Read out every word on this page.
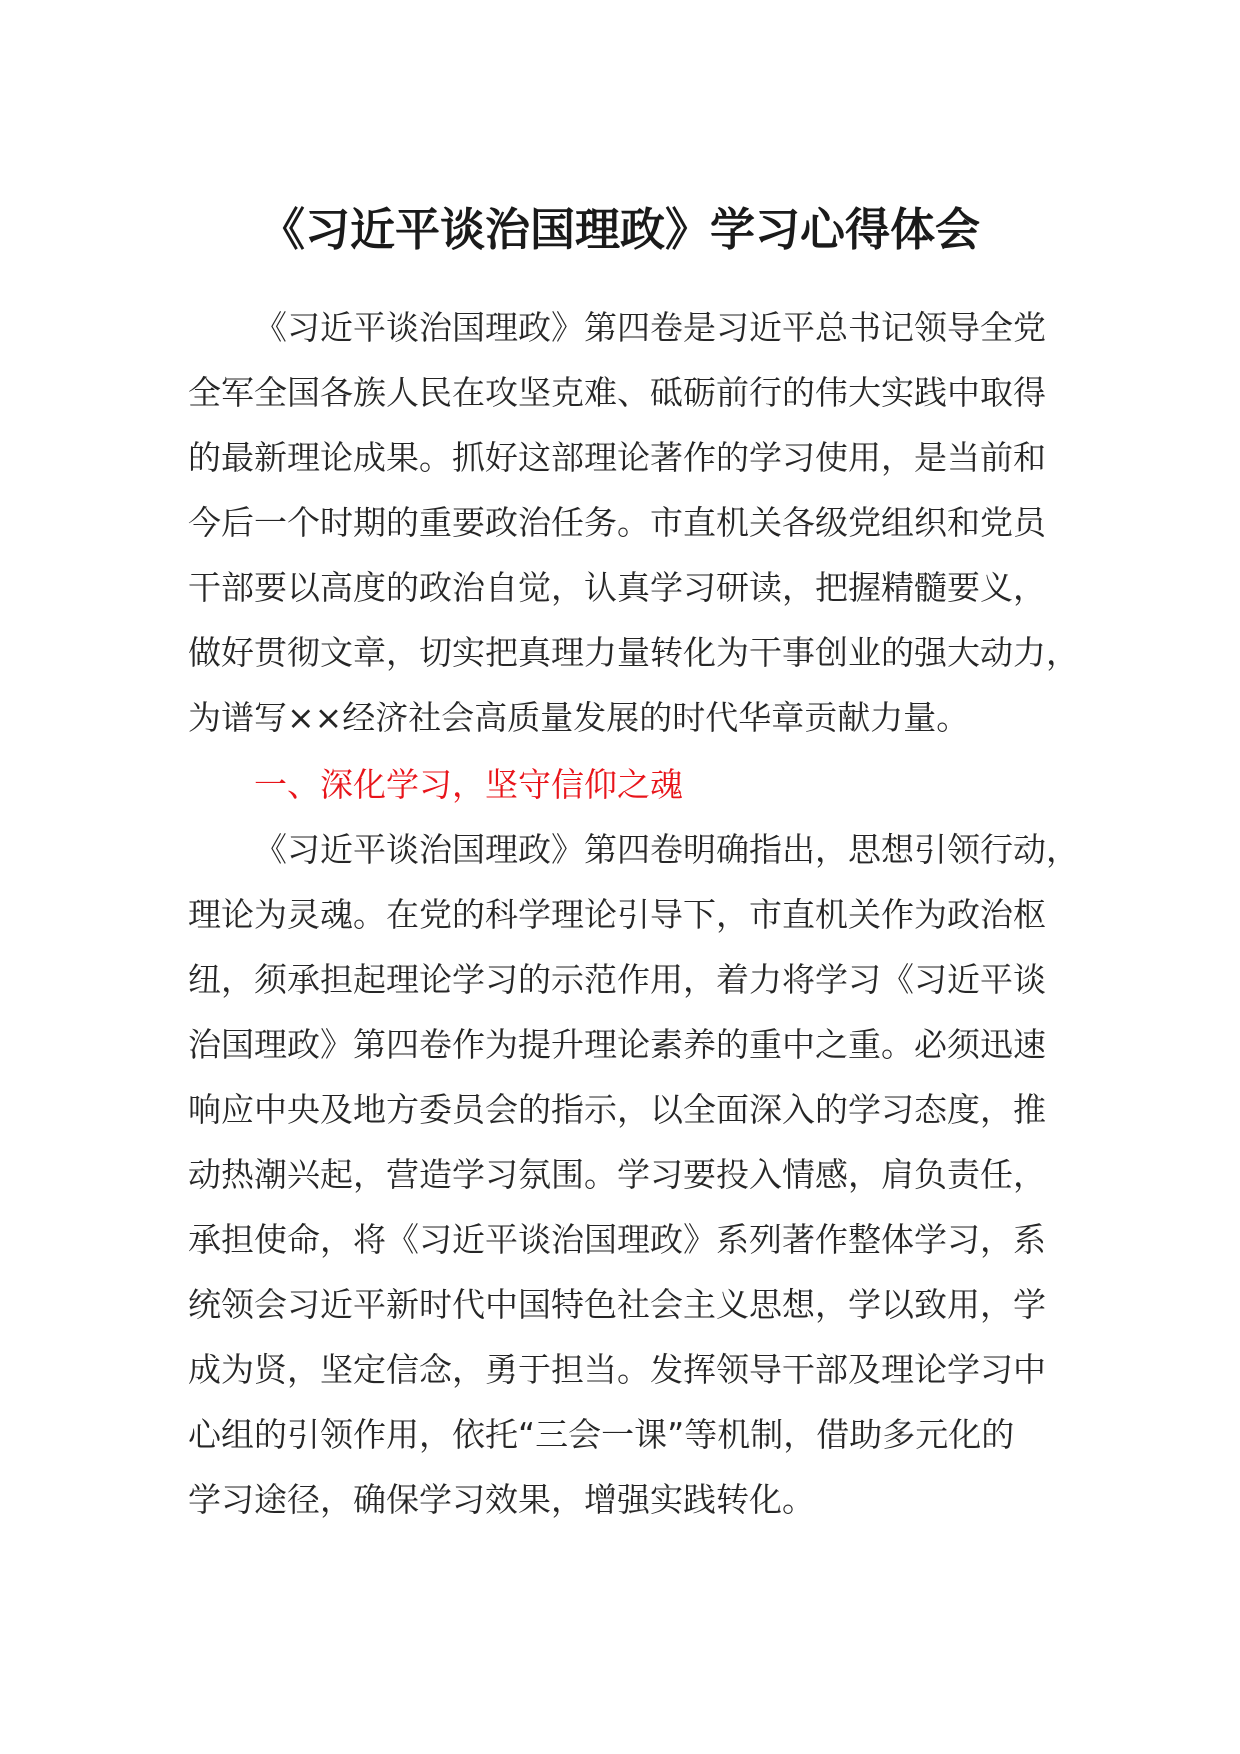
《习近平谈治国理政》学习心得体会
《习近平谈治国理政》第四卷是习近平总书记领导全党
全军全国各族人民在攻坚克难、砥砺前行的伟大实践中取得
的最新理论成果。抓好这部理论著作的学习使用，是当前和
今后一个时期的重要政治任务。市直机关各级党组织和党员
干部要以高度的政治自觉，认真学习研读，把握精髓要义，
做好贯彻文章，切实把真理力量转化为干事创业的强大动力，
为谱写××经济社会高质量发展的时代华章贡献力量。
一、深化学习，坚守信仰之魂
《习近平谈治国理政》第四卷明确指出，思想引领行动，
理论为灵魂。在党的科学理论引导下，市直机关作为政治枢
纽，须承担起理论学习的示范作用，着力将学习《习近平谈
治国理政》第四卷作为提升理论素养的重中之重。必须迅速
响应中央及地方委员会的指示，以全面深入的学习态度，推
动热潮兴起，营造学习氛围。学习要投入情感，肩负责任，
承担使命，将《习近平谈治国理政》系列著作整体学习，系
统领会习近平新时代中国特色社会主义思想，学以致用，学
成为贤，坚定信念，勇于担当。发挥领导干部及理论学习中
心组的引领作用，依托“三会一课”等机制，借助多元化的
学习途径，确保学习效果，增强实践转化。
